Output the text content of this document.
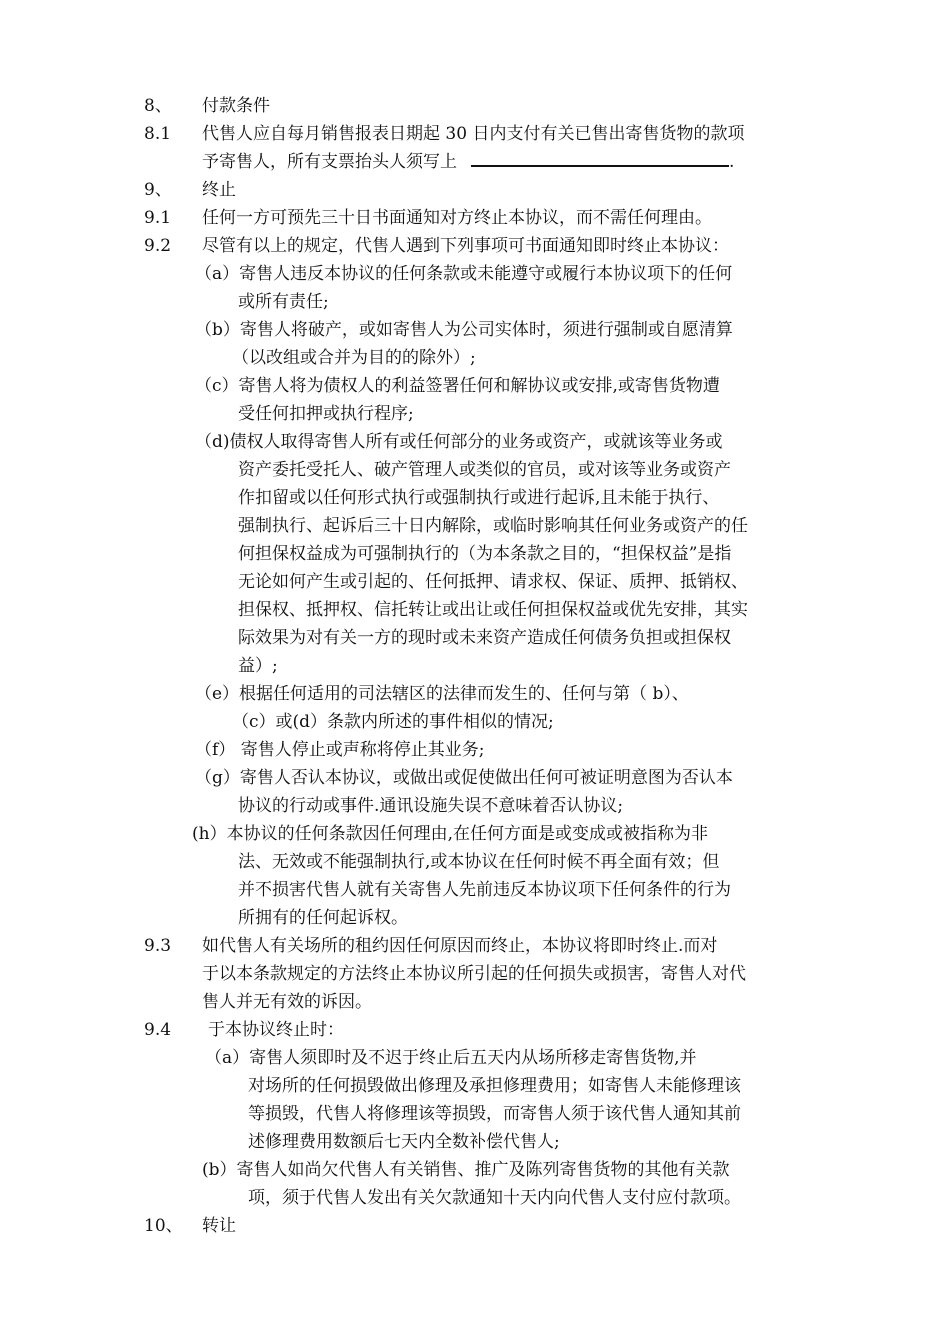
8、 付款条件
8.1 代售人应自每月销售报表日期起 30 日内支付有关已售出寄售货物的款项
予寄售人，所有支票抬头人须写上	.
9、 终止
9.1 任何一方可预先三十日书面通知对方终止本协议，而不需任何理由。
9.2 尽管有以上的规定，代售人遇到下列事项可书面通知即时终止本协议：
（a）寄售人违反本协议的任何条款或未能遵守或履行本协议项下的任何
或所有责任;
（b）寄售人将破产，或如寄售人为公司实体时，须进行强制或自愿清算
（以改组或合并为目的的除外）;
（c）寄售人将为债权人的利益签署任何和解协议或安排,或寄售货物遭
受任何扣押或执行程序;
（d)债权人取得寄售人所有或任何部分的业务或资产，或就该等业务或
资产委托受托人、破产管理人或类似的官员，或对该等业务或资产
作扣留或以任何形式执行或强制执行或进行起诉,且未能于执行、
强制执行、起诉后三十日内解除，或临时影响其任何业务或资产的任
何担保权益成为可强制执行的（为本条款之目的，“担保权益”是指
无论如何产生或引起的、任何抵押、请求权、保证、质押、抵销权、
担保权、抵押权、信托转让或出让或任何担保权益或优先安排，其实
际效果为对有关一方的现时或未来资产造成任何债务负担或担保权
益）;
（e）根据任何适用的司法辖区的法律而发生的、任何与第（ b）、
（c）或(d）条款内所述的事件相似的情况;
（f） 寄售人停止或声称将停止其业务;
（g）寄售人否认本协议，或做出或促使做出任何可被证明意图为否认本
协议的行动或事件.通讯设施失误不意味着否认协议;
(h）本协议的任何条款因任何理由,在任何方面是或变成或被指称为非
法、无效或不能强制执行,或本协议在任何时候不再全面有效；但
并不损害代售人就有关寄售人先前违反本协议项下任何条件的行为
所拥有的任何起诉权。
9.3 如代售人有关场所的租约因任何原因而终止，本协议将即时终止.而对
于以本条款规定的方法终止本协议所引起的任何损失或损害，寄售人对代
售人并无有效的诉因。
9.4 于本协议终止时：
（a）寄售人须即时及不迟于终止后五天内从场所移走寄售货物,并
对场所的任何损毁做出修理及承担修理费用；如寄售人未能修理该
等损毁，代售人将修理该等损毁，而寄售人须于该代售人通知其前
述修理费用数额后七天内全数补偿代售人;
(b）寄售人如尚欠代售人有关销售、推广及陈列寄售货物的其他有关款
项，须于代售人发出有关欠款通知十天内向代售人支付应付款项。
10、 转让
